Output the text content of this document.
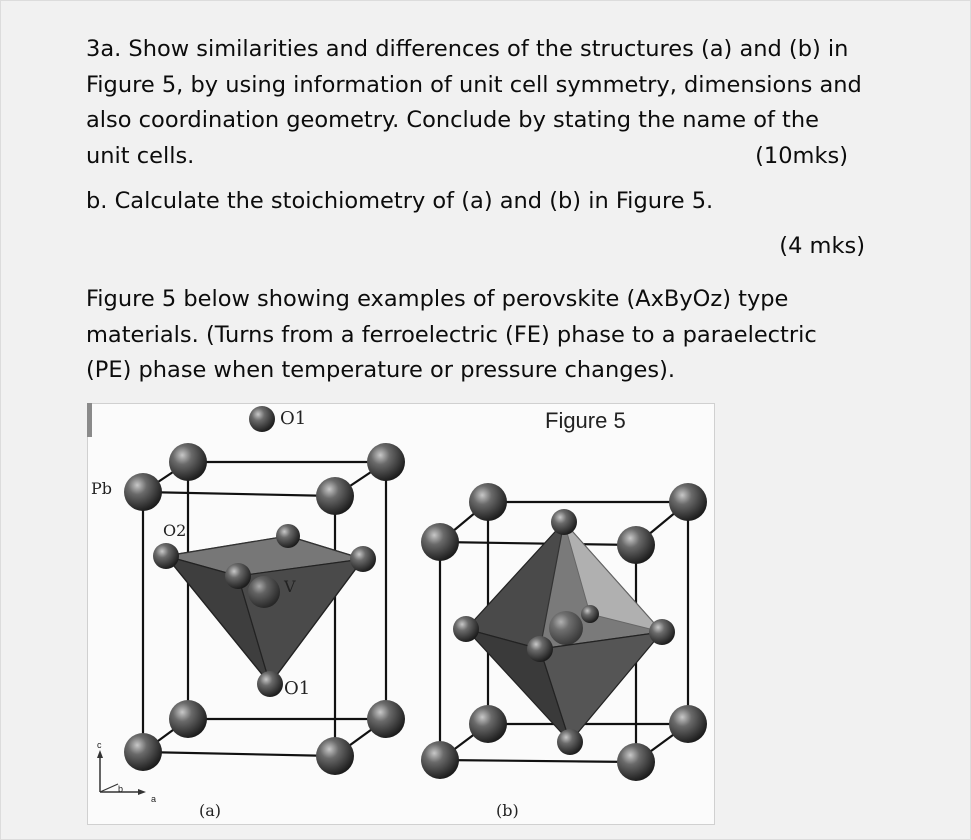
3a. Show similarities and differences of the structures (a) and (b) in
Figure 5, by using information of unit cell symmetry, dimensions and
also coordination geometry. Conclude by stating the name of the
unit cells.	(10mks)
b. Calculate the stoichiometry of (a) and (b) in Figure 5.
(4 mks)
Figure 5 below showing examples of perovskite (AxByOz) type
materials. (Turns from a ferroelectric (FE) phase to a paraelectric
(PE) phase when temperature or pressure changes).
Figure 5
O1
Pb
O2
V
O1
c
b
a
(a)	(b)
